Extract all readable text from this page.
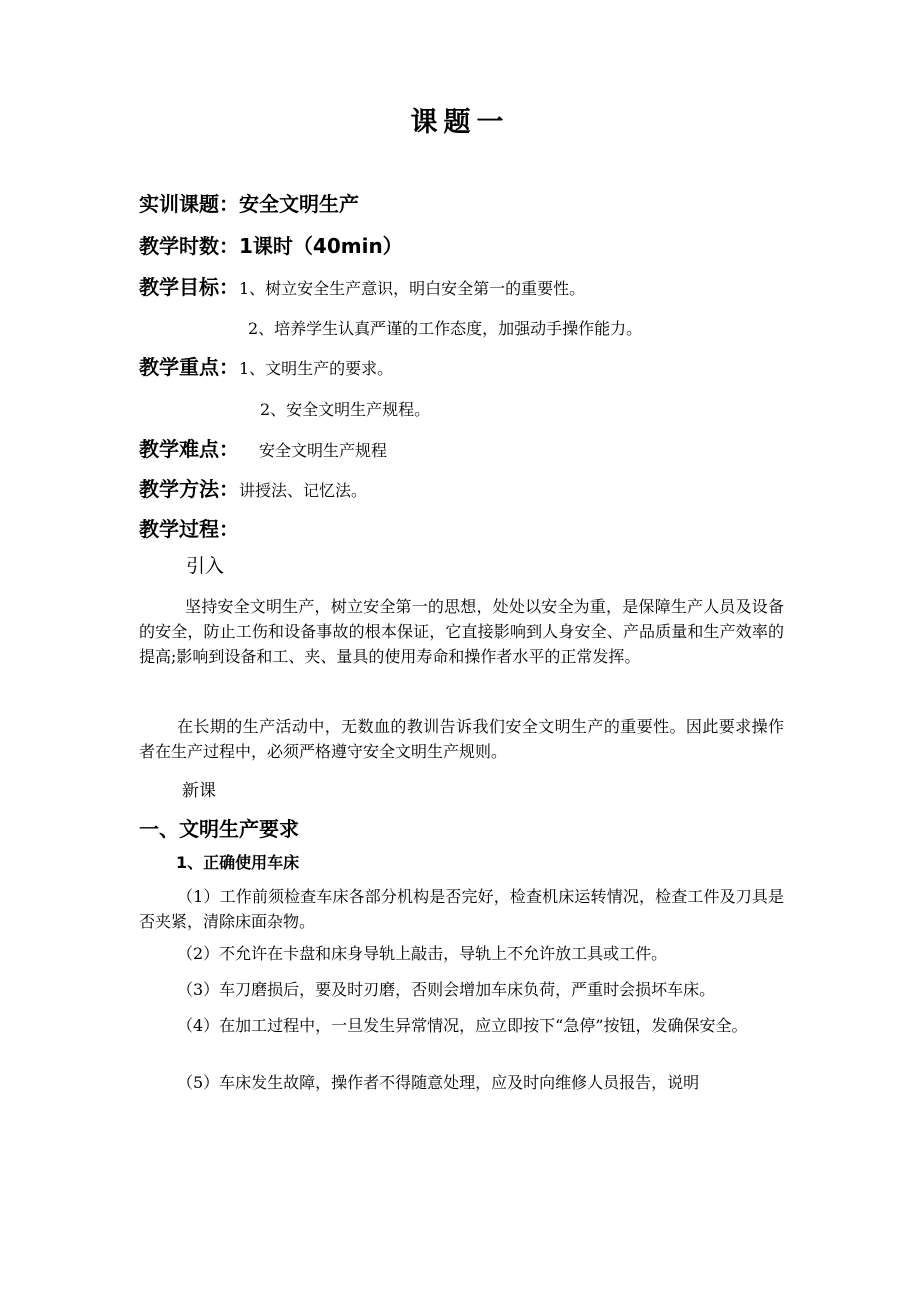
课题一
实训课题：安全文明生产
教学时数：1课时（40min）
教学目标：1、树立安全生产意识，明白安全第一的重要性。
2、培养学生认真严谨的工作态度，加强动手操作能力。
教学重点：1、文明生产的要求。
2、安全文明生产规程。
教学难点： 安全文明生产规程
教学方法：讲授法、记忆法。
教学过程：
引入
坚持安全文明生产，树立安全第一的思想，处处以安全为重，是保障生产人员及设备的安全，防止工伤和设备事故的根本保证，它直接影响到人身安全、产品质量和生产效率的提高;影响到设备和工、夹、量具的使用寿命和操作者水平的正常发挥。
在长期的生产活动中，无数血的教训告诉我们安全文明生产的重要性。因此要求操作者在生产过程中，必须严格遵守安全文明生产规则。
新课
一、文明生产要求
1、正确使用车床
（1）工作前须检查车床各部分机构是否完好，检查机床运转情况，检查工件及刀具是否夹紧，清除床面杂物。
（2）不允许在卡盘和床身导轨上敲击，导轨上不允许放工具或工件。
（3）车刀磨损后，要及时刃磨，否则会增加车床负荷，严重时会损坏车床。
（4）在加工过程中，一旦发生异常情况，应立即按下“急停”按钮，发确保安全。
（5）车床发生故障，操作者不得随意处理，应及时向维修人员报告，说明
